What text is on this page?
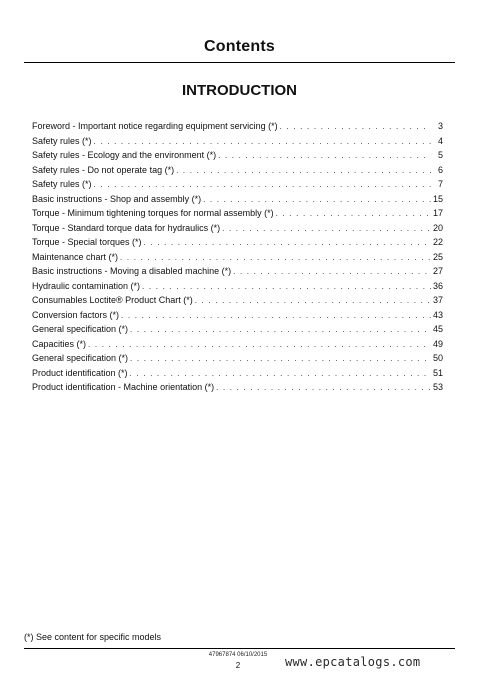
Contents
INTRODUCTION
Foreword - Important notice regarding equipment servicing (*) . . .	3
Safety rules (*) . . .	4
Safety rules - Ecology and the environment (*) . . .	5
Safety rules - Do not operate tag (*) . . .	6
Safety rules (*) . . .	7
Basic instructions - Shop and assembly (*) . . .	15
Torque - Minimum tightening torques for normal assembly (*) . . .	17
Torque - Standard torque data for hydraulics (*) . . .	20
Torque - Special torques (*) . . .	22
Maintenance chart (*) . . .	25
Basic instructions - Moving a disabled machine (*) . . .	27
Hydraulic contamination (*) . . .	36
Consumables Loctite® Product Chart (*) . . .	37
Conversion factors (*) . . .	43
General specification (*) . . .	45
Capacities (*) . . .	49
General specification (*) . . .	50
Product identification (*) . . .	51
Product identification - Machine orientation (*) . . .	53
(*) See content for specific models
47967874 06/10/2015
2	www.epcatalogs.com
